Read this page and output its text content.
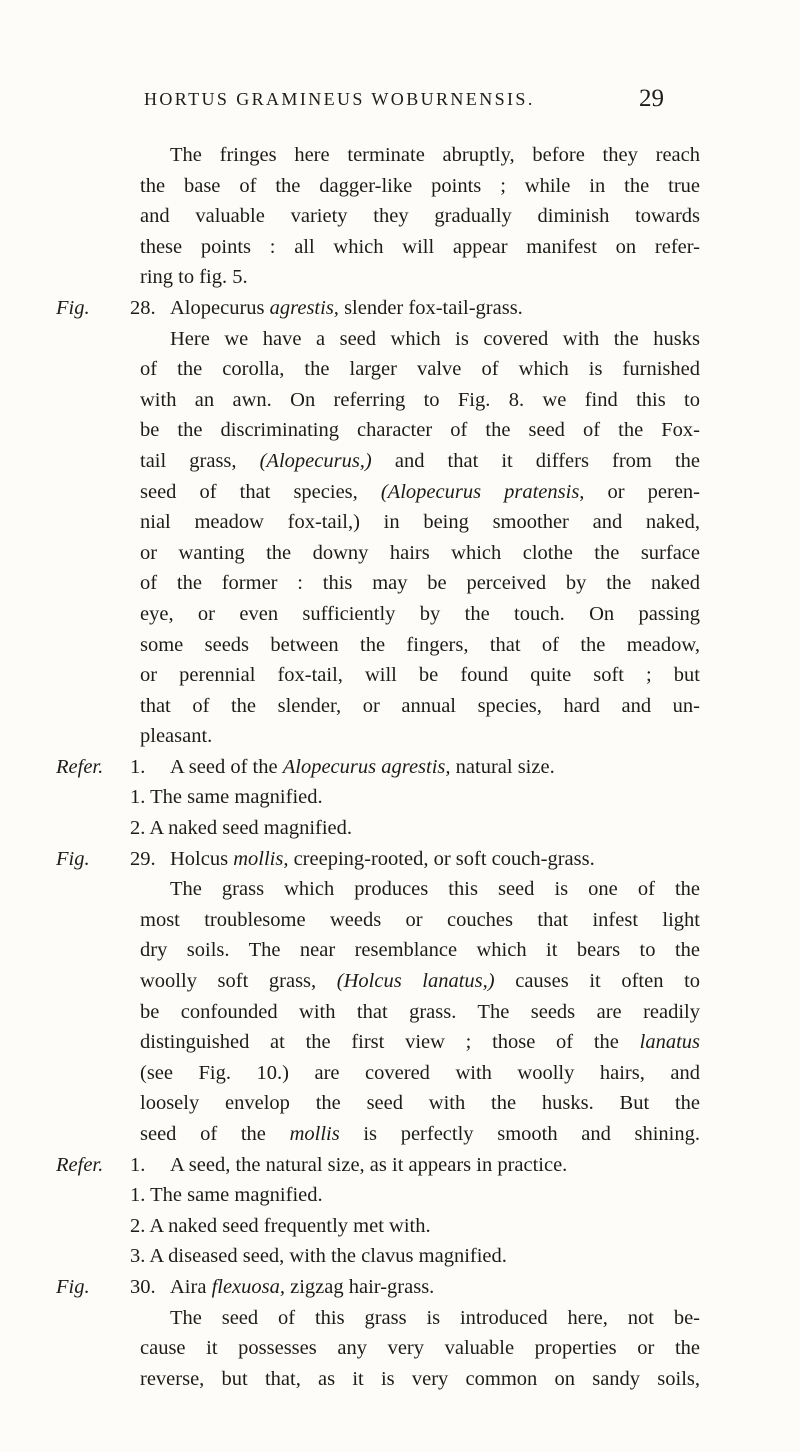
HORTUS GRAMINEUS WOBURNENSIS.	29
The fringes here terminate abruptly, before they reach
the base of the dagger-like points ; while in the true
and valuable variety they gradually diminish towards
these points : all which will appear manifest on refer-
ring to fig. 5.
Fig. 28. Alopecurus agrestis, slender fox-tail-grass.
Here we have a seed which is covered with the husks
of the corolla, the larger valve of which is furnished
with an awn. On referring to Fig. 8. we find this to
be the discriminating character of the seed of the Fox-
tail grass, (Alopecurus,) and that it differs from the
seed of that species, (Alopecurus pratensis, or peren-
nial meadow fox-tail,) in being smoother and naked,
or wanting the downy hairs which clothe the surface
of the former : this may be perceived by the naked
eye, or even sufficiently by the touch. On passing
some seeds between the fingers, that of the meadow,
or perennial fox-tail, will be found quite soft ; but
that of the slender, or annual species, hard and un-
pleasant.
Refer. 1. A seed of the Alopecurus agrestis, natural size.
1. The same magnified.
2. A naked seed magnified.
Fig. 29. Holcus mollis, creeping-rooted, or soft couch-grass.
The grass which produces this seed is one of the
most troublesome weeds or couches that infest light
dry soils. The near resemblance which it bears to the
woolly soft grass, (Holcus lanatus,) causes it often to
be confounded with that grass. The seeds are readily
distinguished at the first view ; those of the lanatus
(see Fig. 10.) are covered with woolly hairs, and
loosely envelop the seed with the husks. But the
seed of the mollis is perfectly smooth and shining.
Refer. 1. A seed, the natural size, as it appears in practice.
1. The same magnified.
2. A naked seed frequently met with.
3. A diseased seed, with the clavus magnified.
Fig. 30. Aira flexuosa, zigzag hair-grass.
The seed of this grass is introduced here, not be-
cause it possesses any very valuable properties or the
reverse, but that, as it is very common on sandy soils,
